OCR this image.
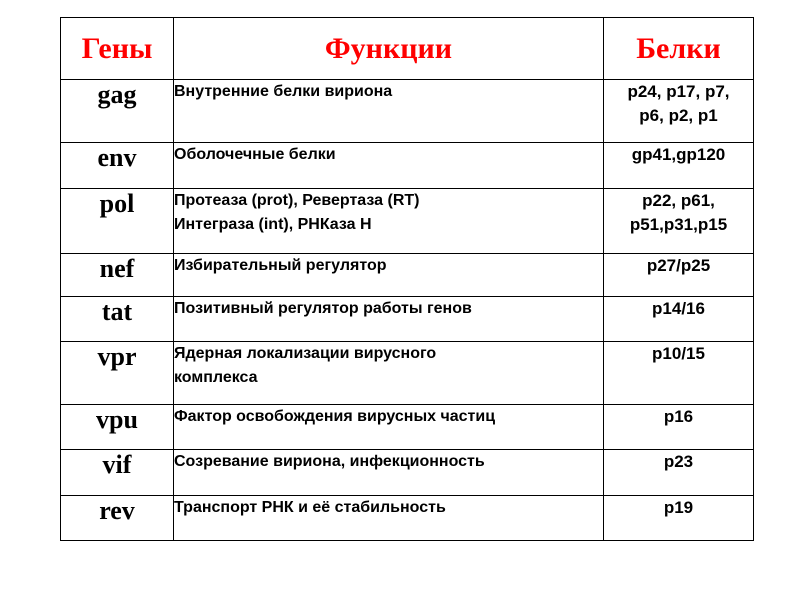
Гены	Функции	Белки
gag	Внутренние белки вириона	p24, p17, p7,
p6, p2, p1

env	Оболочечные белки	gp41,gp120

pol	Протеаза (prot), Ревертаза (RT)
Интеграза (int), РНКаза H	p22, p61,
p51,p31,p15

nef	Избирательный регулятор	p27/p25

tat	Позитивный регулятор работы генов	p14/16

vpr	Ядерная локализации вирусного
комплекса	p10/15

vpu	Фактор освобождения вирусных частиц	p16

vif	Созревание вириона, инфекционность	p23

rev	Транспорт РНК и её стабильность	p19
